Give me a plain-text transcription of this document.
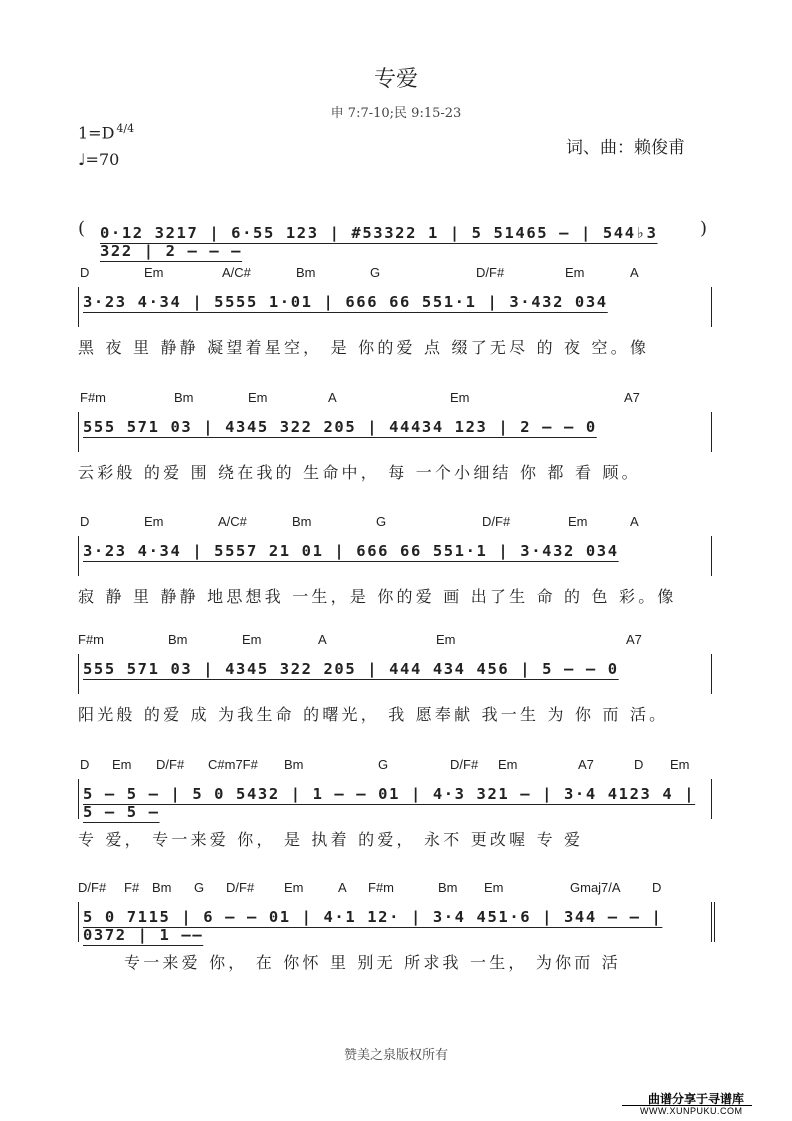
专爱
申 7:7-10;民 9:15-23
1=D $^{4/4}$
♩=70
词、曲：赖俊甫
( 0·12 3217 | 6·55 123 | #53322 1 | 5 51465 – | 544♭3 322 | 2 – – –
)
D	Em	A/C#	Bm	G	D/F#	Em	A
3·23 4·34 | 5555 1·01 | 666 66 551·1 | 3·432 034
黑 夜 里 静静 凝望着星空， 是 你的爱 点 缀了无尽 的 夜 空。像
F#m	Bm	Em	A	Em	A7
555 571 03 | 4345 322 205 | 44434 123 | 2 – – 0
云彩般 的爱 围 绕在我的 生命中， 每 一个小细结 你 都 看 顾。
D	Em	A/C#	Bm	G	D/F#	Em	A
3·23 4·34 | 5557 21 01 | 666 66 551·1 | 3·432 034
寂 静 里 静静 地思想我 一生，是 你的爱 画 出了生 命 的 色 彩。像
F#m	Bm	Em	A	Em	A7
555 571 03 | 4345 322 205 | 444 434 456 | 5 – – 0
阳光般 的爱 成 为我生命 的曙光， 我 愿奉献 我一生 为 你 而 活。
D Em D/F# C#m7F# Bm	G	D/F# Em	A7	D Em
5 – 5 – | 5 0 5432 | 1 – – 01 | 4·3 321 – | 3·4 4123 4 | 5 – 5 –
专 爱， 专一来爱 你， 是 执着 的爱， 永不 更改喔 专 爱
D/F# F# Bm G D/F# Em	A F#m	Bm Em	Gmaj7/A D
5 0 7115 | 6 – – 01 | 4·1 12· | 3·4 451·6 | 344 – – | 0372 | 1 ——
专一来爱 你， 在 你怀 里 别无 所求我 一生， 为你而 活
赞美之泉版权所有
曲谱分享于寻谱库
WWW.XUNPUKU.COM
